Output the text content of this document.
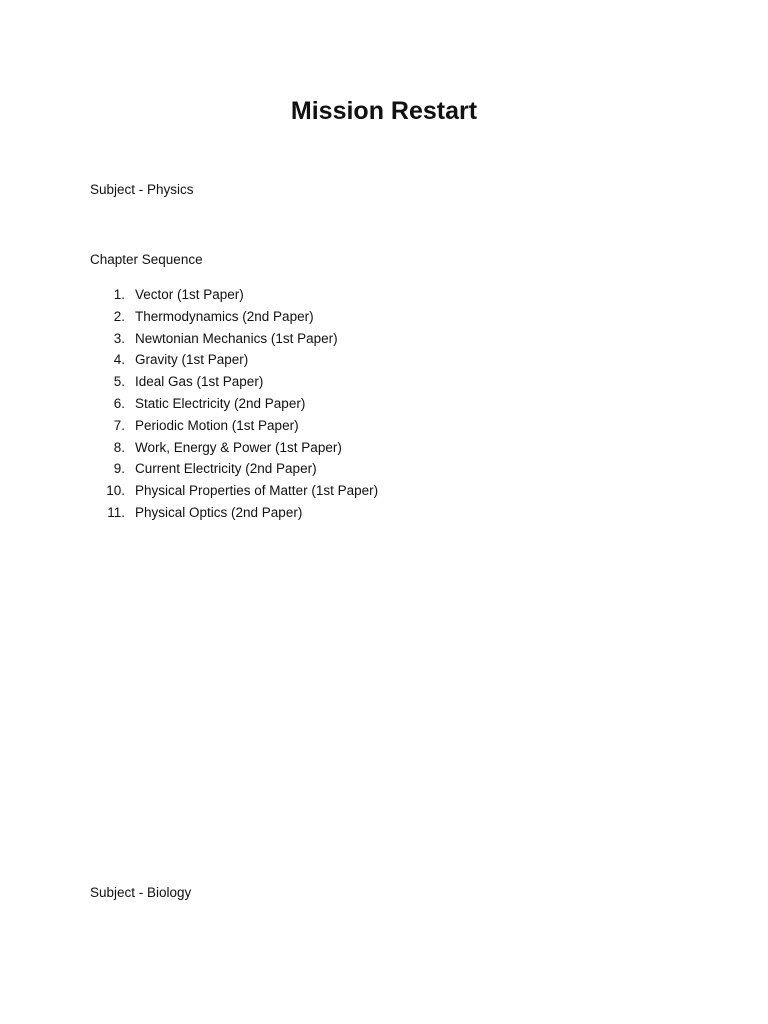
Mission Restart

Subject - Physics

Chapter Sequence

1. Vector (1st Paper)
2. Thermodynamics (2nd Paper)
3. Newtonian Mechanics (1st Paper)
4. Gravity (1st Paper)
5. Ideal Gas (1st Paper)
6. Static Electricity (2nd Paper)
7. Periodic Motion (1st Paper)
8. Work, Energy & Power (1st Paper)
9. Current Electricity (2nd Paper)
10. Physical Properties of Matter (1st Paper)
11. Physical Optics (2nd Paper)

Subject - Biology
